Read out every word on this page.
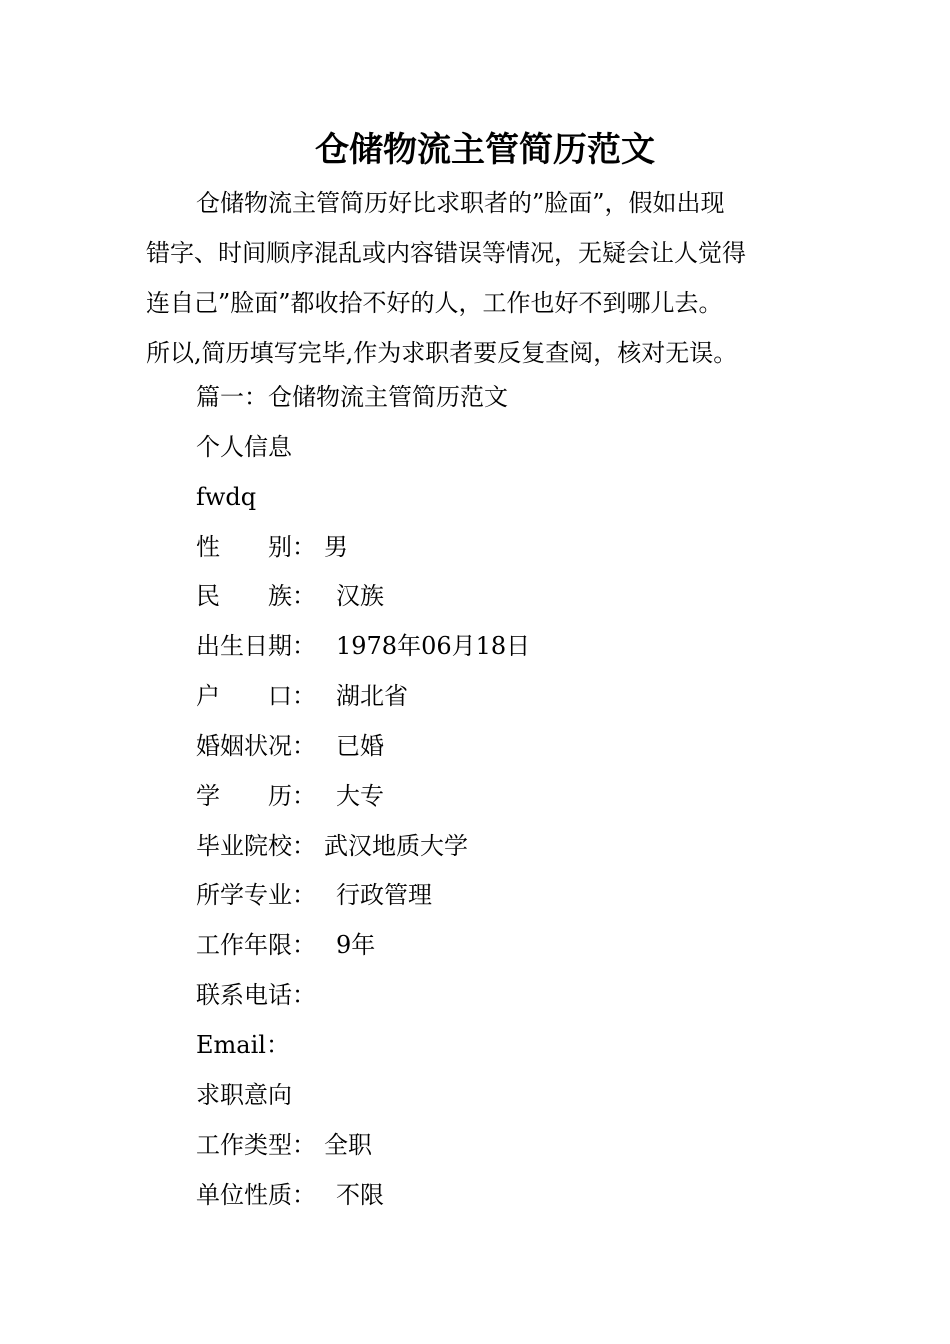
仓储物流主管简历范文

仓储物流主管简历好比求职者的”脸面”，假如出现

错字、时间顺序混乱或内容错误等情况，无疑会让人觉得

连自己”脸面”都收拾不好的人，工作也好不到哪儿去。

所以,简历填写完毕,作为求职者要反复查阅，核对无误。

篇一：仓储物流主管简历范文
个人信息
fwdq
性　　别： 男
民　　族： 汉族
出生日期： 1978年06月18日
户　　口： 湖北省
婚姻状况： 已婚
学　　历： 大专
毕业院校： 武汉地质大学
所学专业： 行政管理
工作年限： 9年
联系电话：
Email：
求职意向
工作类型： 全职
单位性质： 不限
